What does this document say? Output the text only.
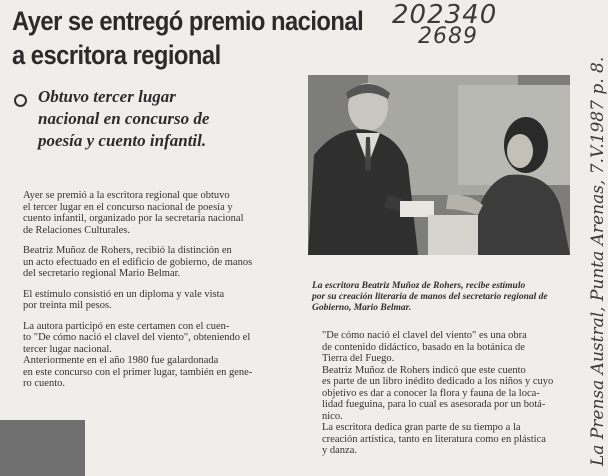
Ayer se entregó premio nacional
a escritora regional
Obtuvo tercer lugar
nacional en concurso de
poesía y cuento infantil.
202340
2689
La Prensa Austral, Punta Arenas, 7.V.1987 p. 8.
La escritora Beatriz Muñoz de Rohers, recibe estímulo
por su creación literaria de manos del secretario regional de
Gobierno, Mario Belmar.

Ayer se premió a la escritora regional que obtuvo
el tercer lugar en el concurso nacional de poesía y
cuento infantil, organizado por la secretaría nacional
de Relaciones Culturales.

Beatriz Muñoz de Rohers, recibió la distinción en
un acto efectuado en el edificio de gobierno, de manos
del secretario regional Mario Belmar.

El estímulo consistió en un diploma y vale vista
por treinta mil pesos.

La autora participó en este certamen con el cuen-
to "De cómo nació el clavel del viento", obteniendo el
tercer lugar nacional.

Anteriormente en el año 1980 fue galardonada
en este concurso con el primer lugar, también en gene-
ro cuento.

"De cómo nació el clavel del viento" es una obra
de contenido didáctico, basado en la botánica de
Tierra del Fuego.

Beatriz Muñoz de Rohers indicó que este cuento
es parte de un libro inédito dedicado a los niños y cuyo
objetivo es dar a conocer la flora y fauna de la loca-
lidad fueguina, para lo cual es asesorada por un botá-
nico.

La escritora dedica gran parte de su tiempo a la
creación artística, tanto en literatura como en plástica
y danza.
